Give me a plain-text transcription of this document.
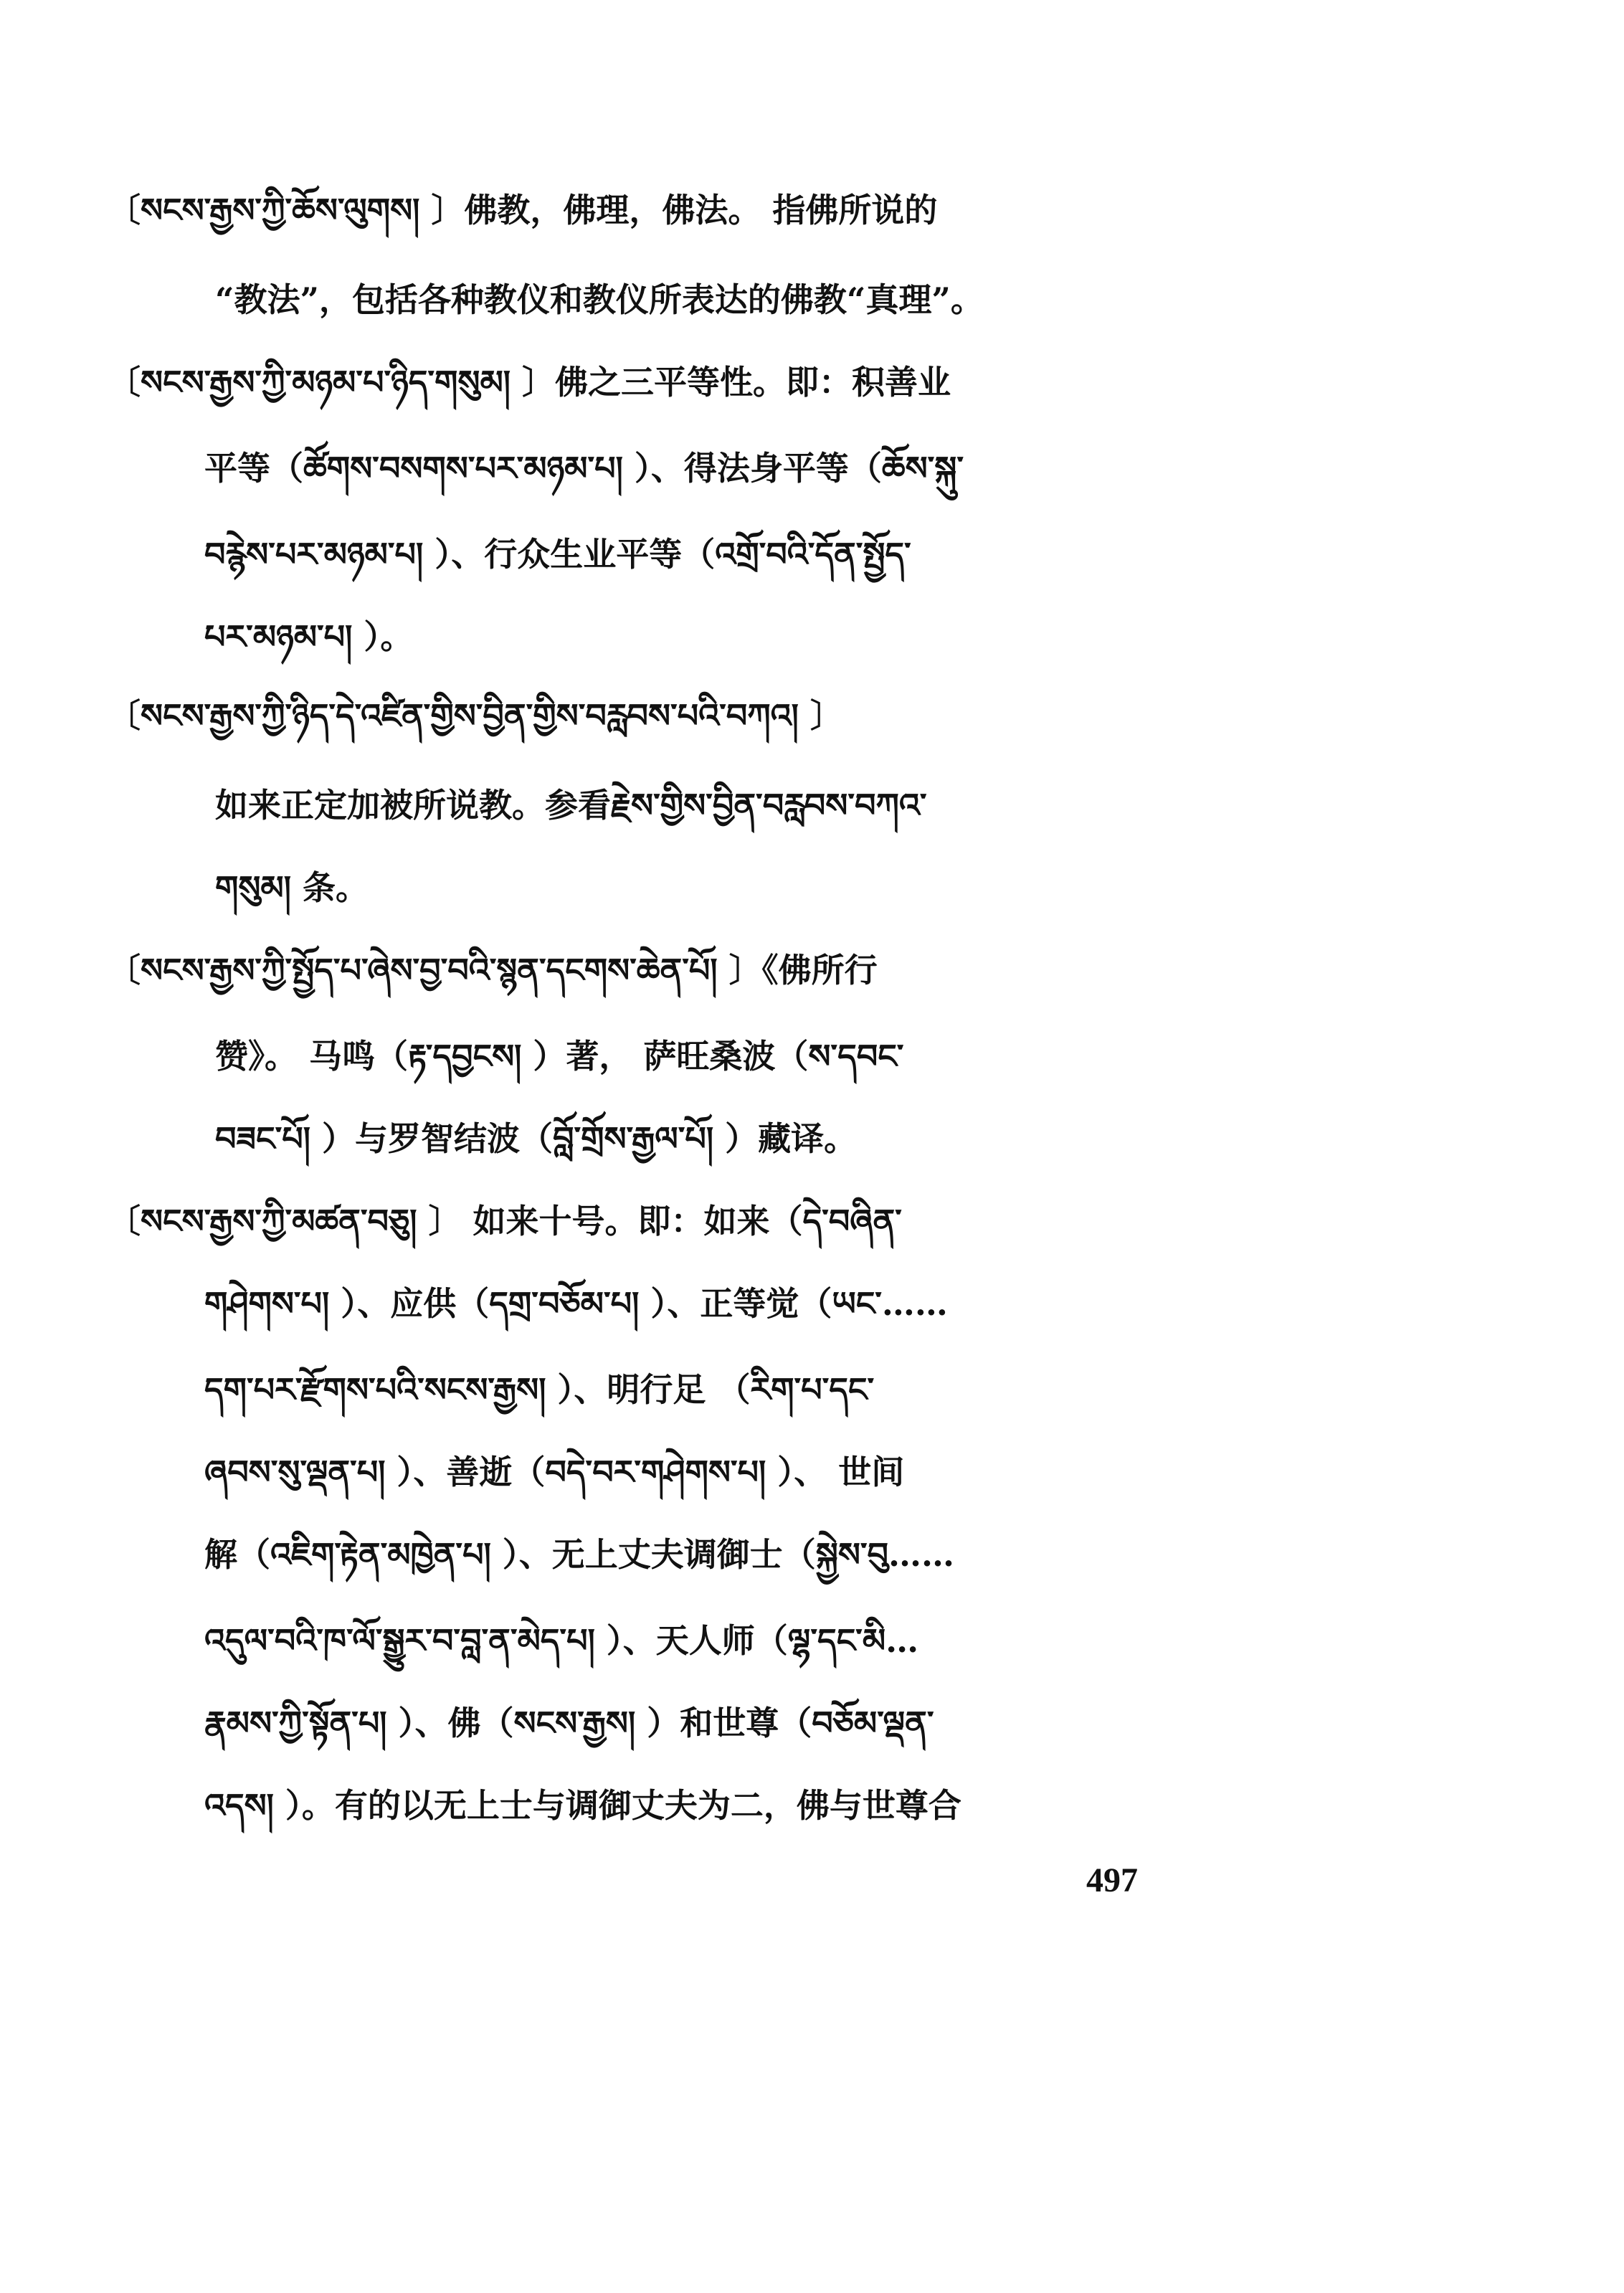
〔སངས་རྒྱས་ཀྱི་ཆོས་ལུགས། 〕佛教，佛理，佛法。 指佛所说的
“教法”，包括各种教仪和教仪所表达的佛教“真理”。
〔སངས་རྒྱས་ཀྱི་མཉམ་པ་ཉིད་གསུམ། 〕佛之三平等性。即：积善业
平等（ཚོགས་བསགས་པར་མཉམ་པ། ）、得法身平等（ཆོས་སྐུ་
བརྙེས་པར་མཉམ་པ། ）、行众生业平等（འགྲོ་བའི་དོན་སྤྱོད་
པར་མཉམ་པ། ）。
〔སངས་རྒྱས་ཀྱི་ཉིད་དེ་འཛིན་གྱིས་བྱིན་གྱིས་བརླབས་པའི་བཀའ། 〕
如来正定加被所说教。参看རྗེས་གྱིས་བྱིན་བརླབས་བཀའ་
གསུམ། 条。
〔སངས་རྒྱས་ཀྱི་སྤྱོད་པ་ཞེས་བྱ་བའི་སྙན་དངགས་ཆེན་པོ། 〕《佛所行
赞》。 马鸣（རྟ་དབྱངས། ）著， 萨旺桑波（ས་དབང་
བཟང་པོ། ）与罗智结波（བློ་གྲོས་རྒྱལ་པོ། ）藏译。
〔སངས་རྒྱས་ཀྱི་མཚན་བཅུ། 〕 如来十号。即：如来（དེ་བཞིན་
གཤེགས་པ། ）、应供（དགྲ་བཅོམ་པ། ）、正等觉（ཡང་……
དག་པར་རྫོགས་པའི་སངས་རྒྱས། ）、明行足 （རིག་པ་དང་
ཞབས་སུ་ལྡན་པ། ）、善逝（བདེ་བར་གཤེགས་པ། ）、 世间
解（འཇིག་རྟེན་མཁྱེན་པ། ）、无上丈夫调御士（སྐྱེས་བུ……
འདུལ་བའི་ཁ་ལོ་སྒྱུར་བ་བླ་ན་མེད་པ། ）、天人师（ལྷ་དང་མི…
རྣམས་ཀྱི་སྟོན་པ། ）、佛（སངས་རྒྱས། ）和世尊（བཅོམ་ལྡན་
འདས། ）。有的以无上士与调御丈夫为二，佛与世尊合
497
